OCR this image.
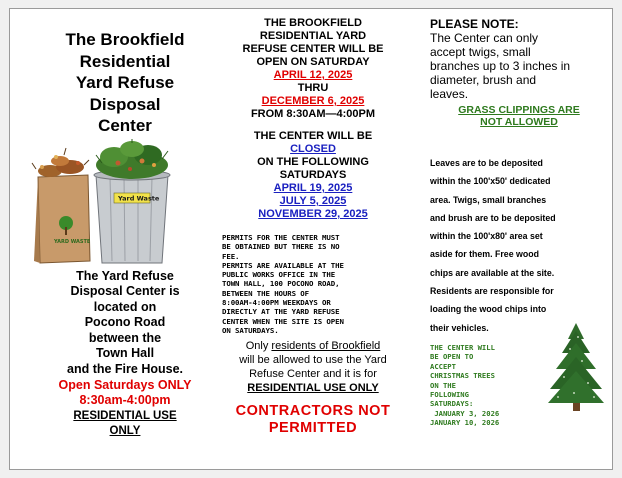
The Brookfield
Residential
Yard Refuse
Disposal
Center
YARD WASTE
Yard Waste
The Yard Refuse
Disposal Center is
located on
Pocono Road
between the
Town Hall
and the Fire House.
Open Saturdays ONLY
8:30am-4:00pm
RESIDENTIAL USE
ONLY
THE BROOKFIELD
RESIDENTIAL YARD
REFUSE CENTER WILL BE
OPEN ON SATURDAY
APRIL 12, 2025
THRU
DECEMBER 6, 2025
FROM 8:30AM—4:00PM
THE CENTER WILL BE
CLOSED
ON THE FOLLOWING
SATURDAYS
APRIL 19, 2025
JULY 5, 2025
NOVEMBER 29, 2025
PERMITS FOR THE CENTER MUST
BE OBTAINED BUT THERE IS NO
FEE.
PERMITS ARE AVAILABLE AT THE
PUBLIC WORKS OFFICE IN THE
TOWN HALL, 100 POCONO ROAD,
BETWEEN THE HOURS OF
8:00AM-4:00PM WEEKDAYS OR
DIRECTLY AT THE YARD REFUSE
CENTER WHEN THE SITE IS OPEN
ON SATURDAYS.
Only residents of Brookfield
will be allowed to use the Yard
Refuse Center and it is for
RESIDENTIAL USE ONLY
CONTRACTORS NOT
PERMITTED
PLEASE NOTE:
The Center can only
accept twigs, small
branches up to 3 inches in
diameter, brush and
leaves.
GRASS CLIPPINGS ARE
NOT ALLOWED
Leaves are to be deposited
within the 100'x50' dedicated
area. Twigs, small branches
and brush are to be deposited
within the 100'x80' area set
aside for them. Free wood
chips are available at the site.
Residents are responsible for
loading the wood chips into
their vehicles.
THE CENTER WILL
BE OPEN TO
ACCEPT
CHRISTMAS TREES
ON THE
FOLLOWING
SATURDAYS:
JANUARY 3, 2026
JANUARY 10, 2026
